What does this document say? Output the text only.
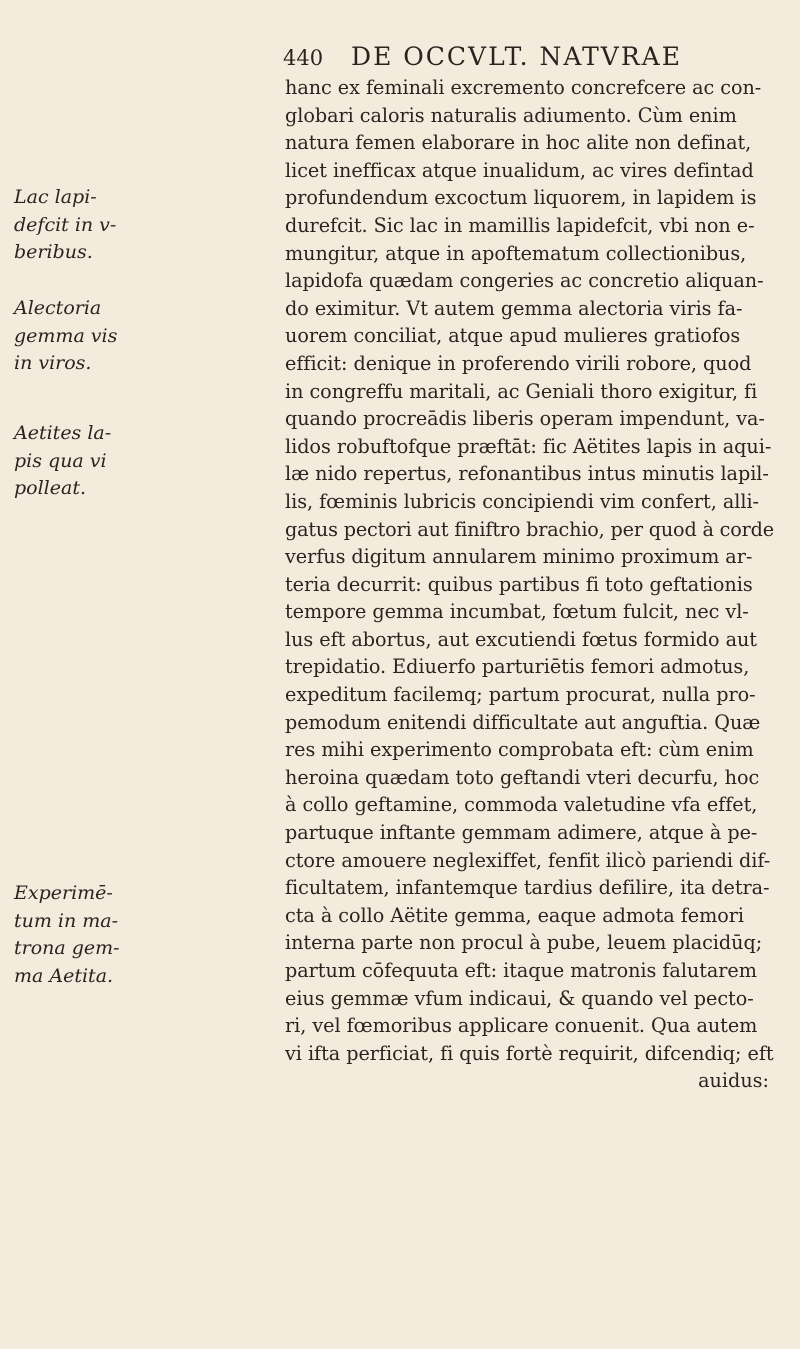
440 DE OCCVLT. NATVRAE
Lac lapi-
defcit in v-
beribus.
Alectoria
gemma vis
in viros.
Aetites la-
pis qua vi
polleat.
Experimē-
tum in ma-
trona gem-
ma Aetita.
hanc ex feminali excremento concrefcere ac con-
globari caloris naturalis adiumento. Cùm enim
natura femen elaborare in hoc alite non definat,
licet inefficax atque inualidum, ac vires defintad
profundendum excoctum liquorem, in lapidem is
durefcit. Sic lac in mamillis lapidefcit, vbi non e-
mungitur, atque in apoftematum collectionibus,
lapidofa quædam congeries ac concretio aliquan-
do eximitur. Vt autem gemma alectoria viris fa-
uorem conciliat, atque apud mulieres gratiofos
efficit: denique in proferendo virili robore, quod
in congreffu maritali, ac Geniali thoro exigitur, fi
quando procreādis liberis operam impendunt, va-
lidos robuftofque præftāt: fic Aëtites lapis in aqui-
læ nido repertus, refonantibus intus minutis lapil-
lis, fœminis lubricis concipiendi vim confert, alli-
gatus pectori aut finiftro brachio, per quod à corde
verfus digitum annularem minimo proximum ar-
teria decurrit: quibus partibus fi toto geftationis
tempore gemma incumbat, fœtum fulcit, nec vl-
lus eft abortus, aut excutiendi fœtus formido aut
trepidatio. Ediuerfo parturiētis femori admotus,
expeditum facilemq; partum procurat, nulla pro-
pemodum enitendi difficultate aut anguftia. Quæ
res mihi experimento comprobata eft: cùm enim
heroina quædam toto geftandi vteri decurfu, hoc
à collo geftamine, commoda valetudine vfa effet,
partuque inftante gemmam adimere, atque à pe-
ctore amouere neglexiffet, fenfit ilicò pariendi dif-
ficultatem, infantemque tardius defilire, ita detra-
cta à collo Aëtite gemma, eaque admota femori
interna parte non procul à pube, leuem placidūq;
partum cōfequuta eft: itaque matronis falutarem
eius gemmæ vfum indicaui, & quando vel pecto-
ri, vel fœmoribus applicare conuenit. Qua autem
vi ifta perficiat, fi quis fortè requirit, difcendiq; eft
auidus:
